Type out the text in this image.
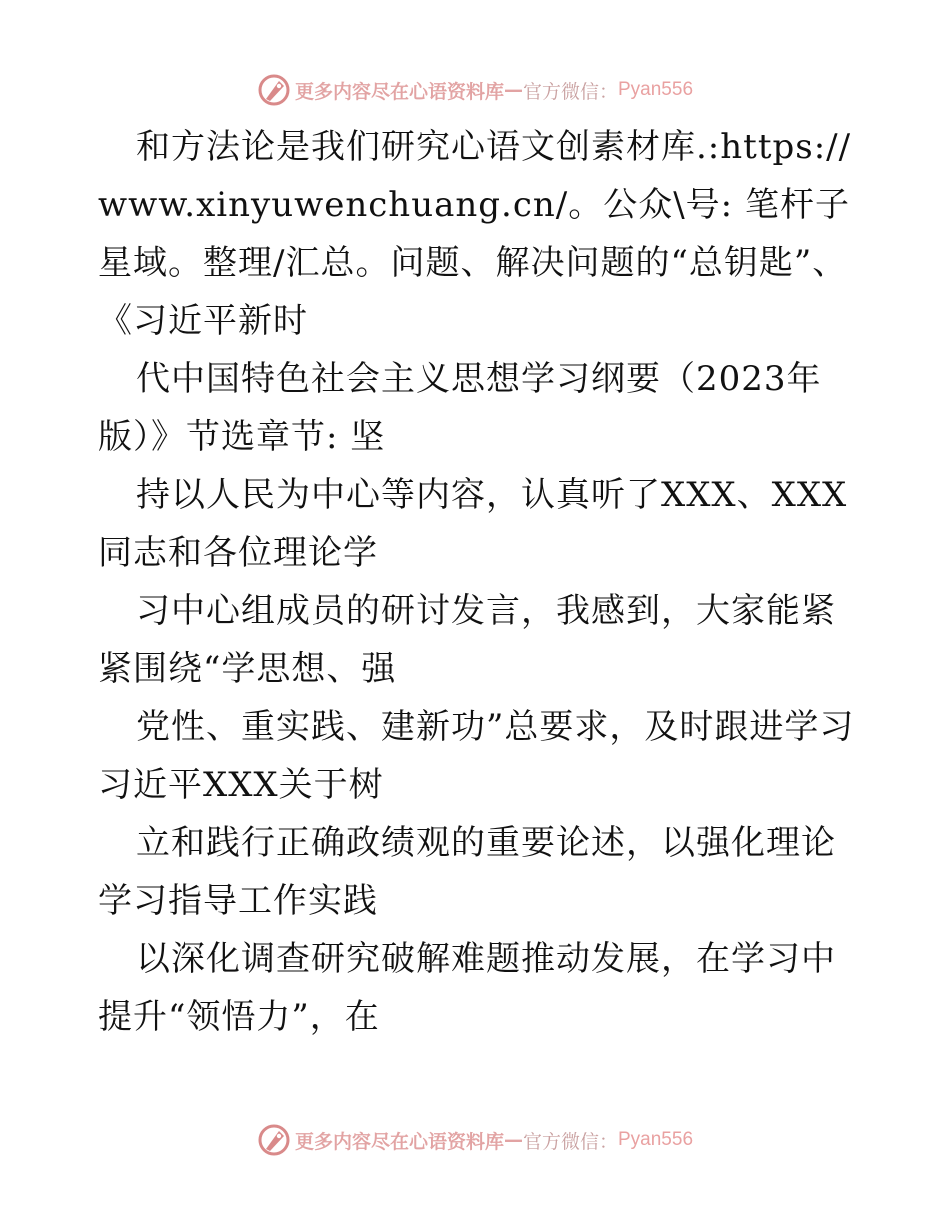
更多内容尽在心语资料库 — 官方微信： Pyan556

和方法论是我们研究心语文创素材库.:https://www.xinyuwenchuang.cn/。公众\号: 笔杆子星域。整理/汇总。问题、解决问题的“总钥匙”、《习近平新时

代中国特色社会主义思想学习纲要（2023年版）》节选章节: 坚

持以人民为中心等内容，认真听了XXX、XXX同志和各位理论学

习中心组成员的研讨发言，我感到，大家能紧紧围绕“学思想、强

党性、重实践、建新功”总要求，及时跟进学习习近平XXX关于树

立和践行正确政绩观的重要论述，以强化理论学习指导工作实践

以深化调查研究破解难题推动发展，在学习中提升“领悟力”，在

更多内容尽在心语资料库 — 官方微信： Pyan556
